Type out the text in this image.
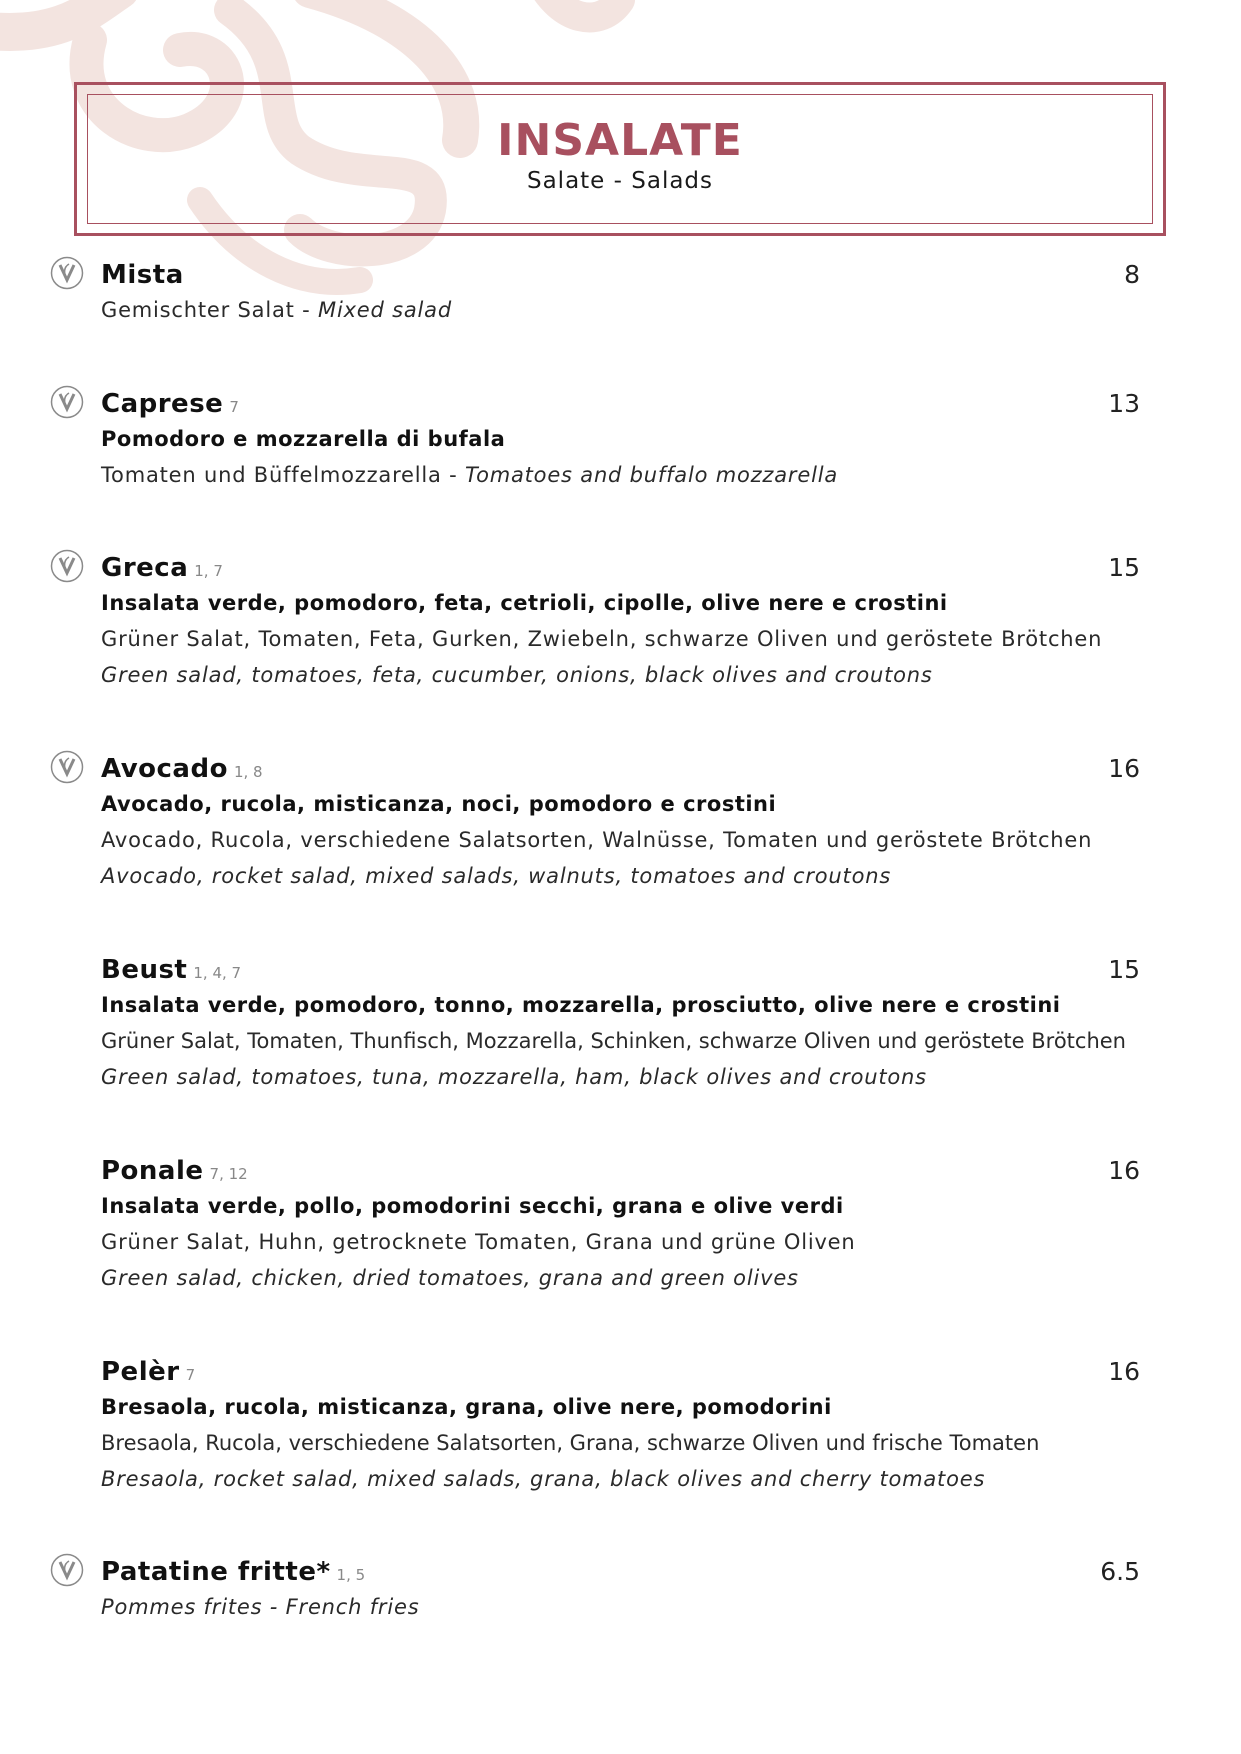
INSALATE
Salate - Salads
Mista
Gemischter Salat - Mixed salad
8
Caprese 7
Pomodoro e mozzarella di bufala
Tomaten und Büffelmozzarella - Tomatoes and buffalo mozzarella
13
Greca 1, 7
Insalata verde, pomodoro, feta, cetrioli, cipolle, olive nere e crostini
Grüner Salat, Tomaten, Feta, Gurken, Zwiebeln, schwarze Oliven und geröstete Brötchen
Green salad, tomatoes, feta, cucumber, onions, black olives and croutons
15
Avocado 1, 8
Avocado, rucola, misticanza, noci, pomodoro e crostini
Avocado, Rucola, verschiedene Salatsorten, Walnüsse, Tomaten und geröstete Brötchen
Avocado, rocket salad, mixed salads, walnuts, tomatoes and croutons
16
Beust 1, 4, 7
Insalata verde, pomodoro, tonno, mozzarella, prosciutto, olive nere e crostini
Grüner Salat, Tomaten, Thunfisch, Mozzarella, Schinken, schwarze Oliven und geröstete Brötchen
Green salad, tomatoes, tuna, mozzarella, ham, black olives and croutons
15
Ponale 7, 12
Insalata verde, pollo, pomodorini secchi, grana e olive verdi
Grüner Salat, Huhn, getrocknete Tomaten, Grana und grüne Oliven
Green salad, chicken, dried tomatoes, grana and green olives
16
Pelèr 7
Bresaola, rucola, misticanza, grana, olive nere, pomodorini
Bresaola, Rucola, verschiedene Salatsorten, Grana, schwarze Oliven und frische Tomaten
Bresaola, rocket salad, mixed salads, grana, black olives and cherry tomatoes
16
Patatine fritte* 1, 5
Pommes frites - French fries
6.5
